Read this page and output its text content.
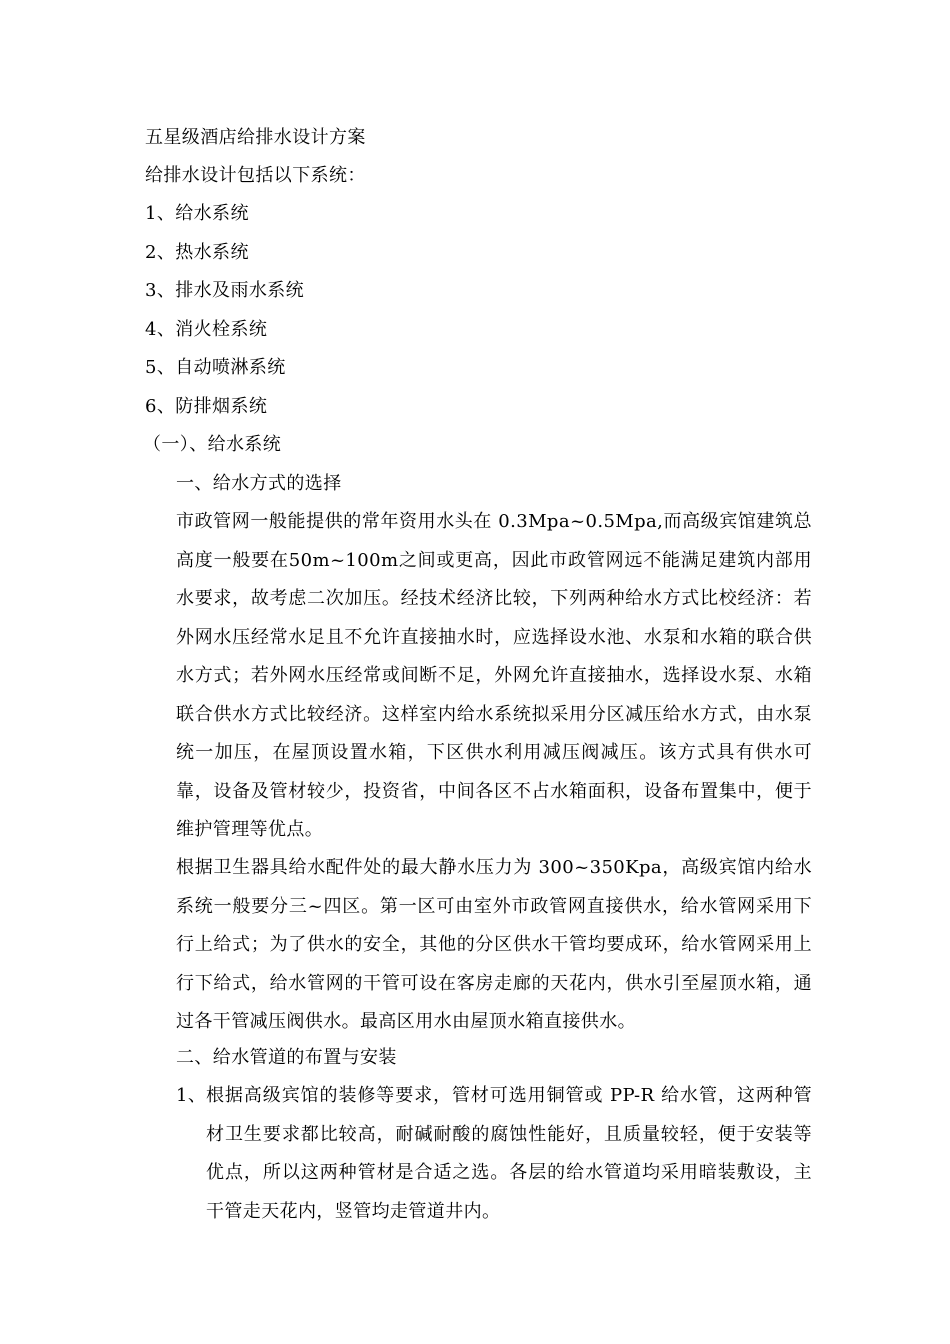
五星级酒店给排水设计方案
给排水设计包括以下系统：
1、给水系统
2、热水系统
3、排水及雨水系统
4、消火栓系统
5、自动喷淋系统
6、防排烟系统
（一）、给水系统
一、给水方式的选择
市政管网一般能提供的常年资用水头在 0.3Mpa~0.5Mpa,而高级宾馆建筑总高度一般要在50m~100m之间或更高，因此市政管网远不能满足建筑内部用水要求，故考虑二次加压。经技术经济比较，下列两种给水方式比校经济：若外网水压经常水足且不允许直接抽水时，应选择设水池、水泵和水箱的联合供水方式；若外网水压经常或间断不足，外网允许直接抽水，选择设水泵、水箱联合供水方式比较经济。这样室内给水系统拟采用分区减压给水方式，由水泵统一加压，在屋顶设置水箱，下区供水利用减压阀减压。该方式具有供水可靠，设备及管材较少，投资省，中间各区不占水箱面积，设备布置集中，便于维护管理等优点。
根据卫生器具给水配件处的最大静水压力为 300~350Kpa，高级宾馆内给水系统一般要分三~四区。第一区可由室外市政管网直接供水，给水管网采用下行上给式；为了供水的安全，其他的分区供水干管均要成环，给水管网采用上行下给式，给水管网的干管可设在客房走廊的天花内，供水引至屋顶水箱，通过各干管减压阀供水。最高区用水由屋顶水箱直接供水。
二、给水管道的布置与安装
1、 根据高级宾馆的装修等要求，管材可选用铜管或 PP-R 给水管，这两种管材卫生要求都比较高，耐碱耐酸的腐蚀性能好，且质量较轻，便于安装等优点，所以这两种管材是合适之选。各层的给水管道均采用暗装敷设，主干管走天花内，竖管均走管道井内。
